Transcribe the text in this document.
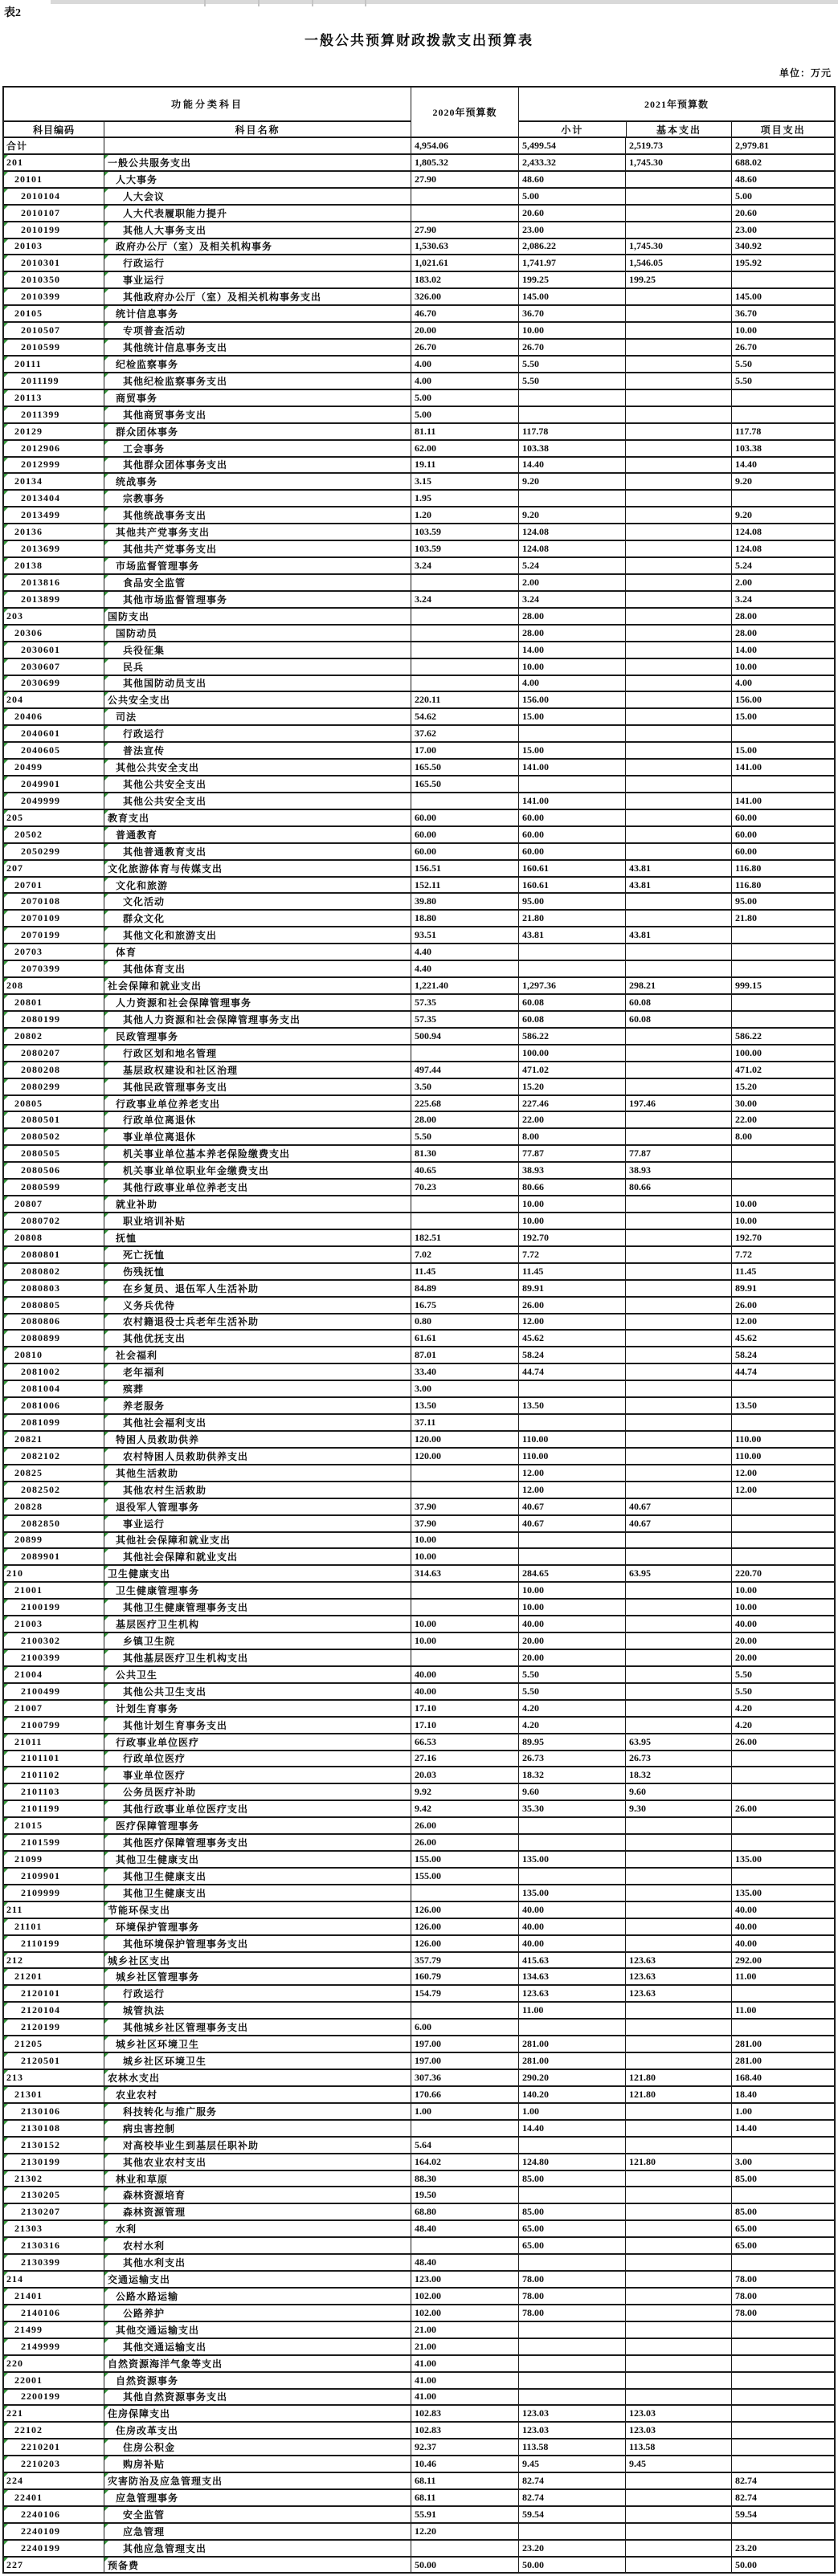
表2
一般公共预算财政拨款支出预算表
单位：万元
功能分类科目
科目编码	科目名称
2020年预算数
2021年预算数
小计	基本支出	项目支出
合计	4,954.06	5,499.54	2,519.73	2,979.81
201	一般公共服务支出	1,805.32	2,433.32	1,745.30	688.02
20101	人大事务	27.90	48.60	48.60
2010104	人大会议	5.00	5.00
2010107	人大代表履职能力提升	20.60	20.60
2010199	其他人大事务支出	27.90	23.00	23.00
20103	政府办公厅（室）及相关机构事务	1,530.63	2,086.22	1,745.30	340.92
2010301	行政运行	1,021.61	1,741.97	1,546.05	195.92
2010350	事业运行	183.02	199.25	199.25
2010399	其他政府办公厅（室）及相关机构事务支出	326.00	145.00	145.00
20105	统计信息事务	46.70	36.70	36.70
2010507	专项普查活动	20.00	10.00	10.00
2010599	其他统计信息事务支出	26.70	26.70	26.70
20111	纪检监察事务	4.00	5.50	5.50
2011199	其他纪检监察事务支出	4.00	5.50	5.50
20113	商贸事务	5.00
2011399	其他商贸事务支出	5.00
20129	群众团体事务	81.11	117.78	117.78
2012906	工会事务	62.00	103.38	103.38
2012999	其他群众团体事务支出	19.11	14.40	14.40
20134	统战事务	3.15	9.20	9.20
2013404	宗教事务	1.95
2013499	其他统战事务支出	1.20	9.20	9.20
20136	其他共产党事务支出	103.59	124.08	124.08
2013699	其他共产党事务支出	103.59	124.08	124.08
20138	市场监督管理事务	3.24	5.24	5.24
2013816	食品安全监管	2.00	2.00
2013899	其他市场监督管理事务	3.24	3.24	3.24
203	国防支出	28.00	28.00
20306	国防动员	28.00	28.00
2030601	兵役征集	14.00	14.00
2030607	民兵	10.00	10.00
2030699	其他国防动员支出	4.00	4.00
204	公共安全支出	220.11	156.00	156.00
20406	司法	54.62	15.00	15.00
2040601	行政运行	37.62
2040605	普法宣传	17.00	15.00	15.00
20499	其他公共安全支出	165.50	141.00	141.00
2049901	其他公共安全支出	165.50
2049999	其他公共安全支出	141.00	141.00
205	教育支出	60.00	60.00	60.00
20502	普通教育	60.00	60.00	60.00
2050299	其他普通教育支出	60.00	60.00	60.00
207	文化旅游体育与传媒支出	156.51	160.61	43.81	116.80
20701	文化和旅游	152.11	160.61	43.81	116.80
2070108	文化活动	39.80	95.00	95.00
2070109	群众文化	18.80	21.80	21.80
2070199	其他文化和旅游支出	93.51	43.81	43.81
20703	体育	4.40
2070399	其他体育支出	4.40
208	社会保障和就业支出	1,221.40	1,297.36	298.21	999.15
20801	人力资源和社会保障管理事务	57.35	60.08	60.08
2080199	其他人力资源和社会保障管理事务支出	57.35	60.08	60.08
20802	民政管理事务	500.94	586.22	586.22
2080207	行政区划和地名管理	100.00	100.00
2080208	基层政权建设和社区治理	497.44	471.02	471.02
2080299	其他民政管理事务支出	3.50	15.20	15.20
20805	行政事业单位养老支出	225.68	227.46	197.46	30.00
2080501	行政单位离退休	28.00	22.00	22.00
2080502	事业单位离退休	5.50	8.00	8.00
2080505	机关事业单位基本养老保险缴费支出	81.30	77.87	77.87
2080506	机关事业单位职业年金缴费支出	40.65	38.93	38.93
2080599	其他行政事业单位养老支出	70.23	80.66	80.66
20807	就业补助	10.00	10.00
2080702	职业培训补贴	10.00	10.00
20808	抚恤	182.51	192.70	192.70
2080801	死亡抚恤	7.02	7.72	7.72
2080802	伤残抚恤	11.45	11.45	11.45
2080803	在乡复员、退伍军人生活补助	84.89	89.91	89.91
2080805	义务兵优待	16.75	26.00	26.00
2080806	农村籍退役士兵老年生活补助	0.80	12.00	12.00
2080899	其他优抚支出	61.61	45.62	45.62
20810	社会福利	87.01	58.24	58.24
2081002	老年福利	33.40	44.74	44.74
2081004	殡葬	3.00
2081006	养老服务	13.50	13.50	13.50
2081099	其他社会福利支出	37.11
20821	特困人员救助供养	120.00	110.00	110.00
2082102	农村特困人员救助供养支出	120.00	110.00	110.00
20825	其他生活救助	12.00	12.00
2082502	其他农村生活救助	12.00	12.00
20828	退役军人管理事务	37.90	40.67	40.67
2082850	事业运行	37.90	40.67	40.67
20899	其他社会保障和就业支出	10.00
2089901	其他社会保障和就业支出	10.00
210	卫生健康支出	314.63	284.65	63.95	220.70
21001	卫生健康管理事务	10.00	10.00
2100199	其他卫生健康管理事务支出	10.00	10.00
21003	基层医疗卫生机构	10.00	40.00	40.00
2100302	乡镇卫生院	10.00	20.00	20.00
2100399	其他基层医疗卫生机构支出	20.00	20.00
21004	公共卫生	40.00	5.50	5.50
2100499	其他公共卫生支出	40.00	5.50	5.50
21007	计划生育事务	17.10	4.20	4.20
2100799	其他计划生育事务支出	17.10	4.20	4.20
21011	行政事业单位医疗	66.53	89.95	63.95	26.00
2101101	行政单位医疗	27.16	26.73	26.73
2101102	事业单位医疗	20.03	18.32	18.32
2101103	公务员医疗补助	9.92	9.60	9.60
2101199	其他行政事业单位医疗支出	9.42	35.30	9.30	26.00
21015	医疗保障管理事务	26.00
2101599	其他医疗保障管理事务支出	26.00
21099	其他卫生健康支出	155.00	135.00	135.00
2109901	其他卫生健康支出	155.00
2109999	其他卫生健康支出	135.00	135.00
211	节能环保支出	126.00	40.00	40.00
21101	环境保护管理事务	126.00	40.00	40.00
2110199	其他环境保护管理事务支出	126.00	40.00	40.00
212	城乡社区支出	357.79	415.63	123.63	292.00
21201	城乡社区管理事务	160.79	134.63	123.63	11.00
2120101	行政运行	154.79	123.63	123.63
2120104	城管执法	11.00	11.00
2120199	其他城乡社区管理事务支出	6.00
21205	城乡社区环境卫生	197.00	281.00	281.00
2120501	城乡社区环境卫生	197.00	281.00	281.00
213	农林水支出	307.36	290.20	121.80	168.40
21301	农业农村	170.66	140.20	121.80	18.40
2130106	科技转化与推广服务	1.00	1.00	1.00
2130108	病虫害控制	14.40	14.40
2130152	对高校毕业生到基层任职补助	5.64
2130199	其他农业农村支出	164.02	124.80	121.80	3.00
21302	林业和草原	88.30	85.00	85.00
2130205	森林资源培育	19.50
2130207	森林资源管理	68.80	85.00	85.00
21303	水利	48.40	65.00	65.00
2130316	农村水利	65.00	65.00
2130399	其他水利支出	48.40
214	交通运输支出	123.00	78.00	78.00
21401	公路水路运输	102.00	78.00	78.00
2140106	公路养护	102.00	78.00	78.00
21499	其他交通运输支出	21.00
2149999	其他交通运输支出	21.00
220	自然资源海洋气象等支出	41.00
22001	自然资源事务	41.00
2200199	其他自然资源事务支出	41.00
221	住房保障支出	102.83	123.03	123.03
22102	住房改革支出	102.83	123.03	123.03
2210201	住房公积金	92.37	113.58	113.58
2210203	购房补贴	10.46	9.45	9.45
224	灾害防治及应急管理支出	68.11	82.74	82.74
22401	应急管理事务	68.11	82.74	82.74
2240106	安全监管	55.91	59.54	59.54
2240109	应急管理	12.20
2240199	其他应急管理支出	23.20	23.20
227	预备费	50.00	50.00	50.00
